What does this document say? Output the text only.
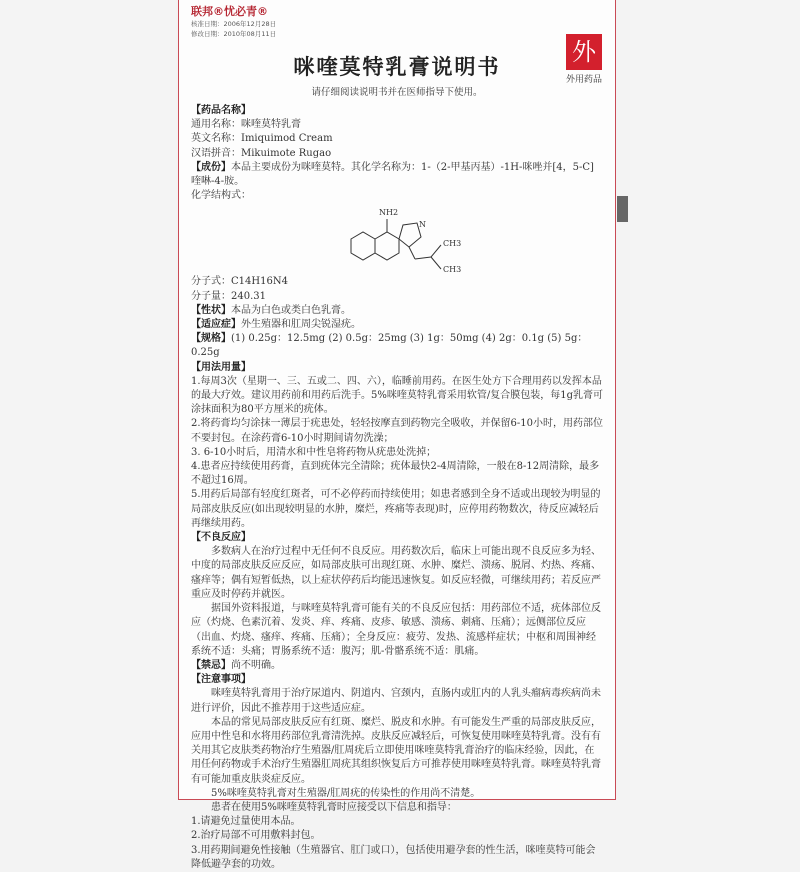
联邦®忧必青®
核准日期：2006年12月28日
修改日期：2010年08月11日
咪喹莫特乳膏说明书
请仔细阅读说明书并在医师指导下使用。

【药品名称】

通用名称：咪喹莫特乳膏

英文名称：Imiquimod Cream

汉语拼音：Mikuimote Rugao

【成份】本品主要成份为咪喹莫特。其化学名称为：1-（2-甲基丙基）-1H-咪唑并[4，5-C]喹啉-4-胺。

化学结构式：

NH2
N
CH3
CH3

分子式：C14H16N4

分子量：240.31

【性状】本品为白色或类白色乳膏。

【适应症】外生殖器和肛周尖锐湿疣。

【规格】(1) 0.25g：12.5mg (2) 0.5g：25mg (3) 1g：50mg (4) 2g：0.1g (5) 5g：0.25g

【用法用量】

1.每周3次（星期一、三、五或二、四、六），临睡前用药。在医生处方下合理用药以发挥本品的最大疗效。建议用药前和用药后洗手。5%咪喹莫特乳膏采用软管/复合膜包装，每1g乳膏可涂抹面积为80平方厘米的疣体。

2.将药膏均匀涂抹一薄层于疣患处，轻轻按摩直到药物完全吸收，并保留6-10小时，用药部位不要封包。在涂药膏6-10小时期间请勿洗澡；

3. 6-10小时后，用清水和中性皂将药物从疣患处洗掉；

4.患者应持续使用药膏，直到疣体完全清除；疣体最快2-4周清除，一般在8-12周清除，最多不超过16周。

5.用药后局部有轻度红斑者，可不必停药而持续使用；如患者感到全身不适或出现较为明显的局部皮肤反应(如出现较明显的水肿，糜烂，疼痛等表现)时，应停用药物数次，待反应减轻后再继续用药。

【不良反应】

多数病人在治疗过程中无任何不良反应。用药数次后，临床上可能出现不良反应多为轻、中度的局部皮肤反应反应，如局部皮肤可出现红斑、水肿、糜烂、溃疡、脱屑、灼热、疼痛、瘙痒等；偶有短暂低热，以上症状停药后均能迅速恢复。如反应轻微，可继续用药；若反应严重应及时停药并就医。

据国外资料报道，与咪喹莫特乳膏可能有关的不良反应包括：用药部位不适，疣体部位反应（灼烧、色素沉着、发炎、痒、疼痛、皮疹、敏感、溃疡、刺痛、压痛）；远侧部位反应（出血、灼烧、瘙痒、疼痛、压痛）；全身反应：疲劳、发热、流感样症状；中枢和周围神经系统不适：头痛；胃肠系统不适：腹泻；肌-骨骼系统不适：肌痛。

【禁忌】尚不明确。

【注意事项】

咪喹莫特乳膏用于治疗尿道内、阴道内、宫颈内，直肠内或肛内的人乳头瘤病毒疾病尚未进行评价，因此不推荐用于这些适应症。

本品的常见局部皮肤反应有红斑、糜烂、脱皮和水肿。有可能发生严重的局部皮肤反应，应用中性皂和水将用药部位乳膏清洗掉。皮肤反应减轻后，可恢复使用咪喹莫特乳膏。没有有关用其它皮肤类药物治疗生殖器/肛周疣后立即使用咪喹莫特乳膏治疗的临床经验，因此，在用任何药物或手术治疗生殖器肛周疣其组织恢复后方可推荐使用咪喹莫特乳膏。咪喹莫特乳膏有可能加重皮肤炎症反应。

5%咪喹莫特乳膏对生殖器/肛周疣的传染性的作用尚不清楚。

患者在使用5%咪喹莫特乳膏时应接受以下信息和指导：

1.请避免过量使用本品。

2.治疗局部不可用敷料封包。

3.用药期间避免性接触（生殖器官、肛门或口），包括使用避孕套的性生活，咪喹莫特可能会降低避孕套的功效。

外
外用药品
